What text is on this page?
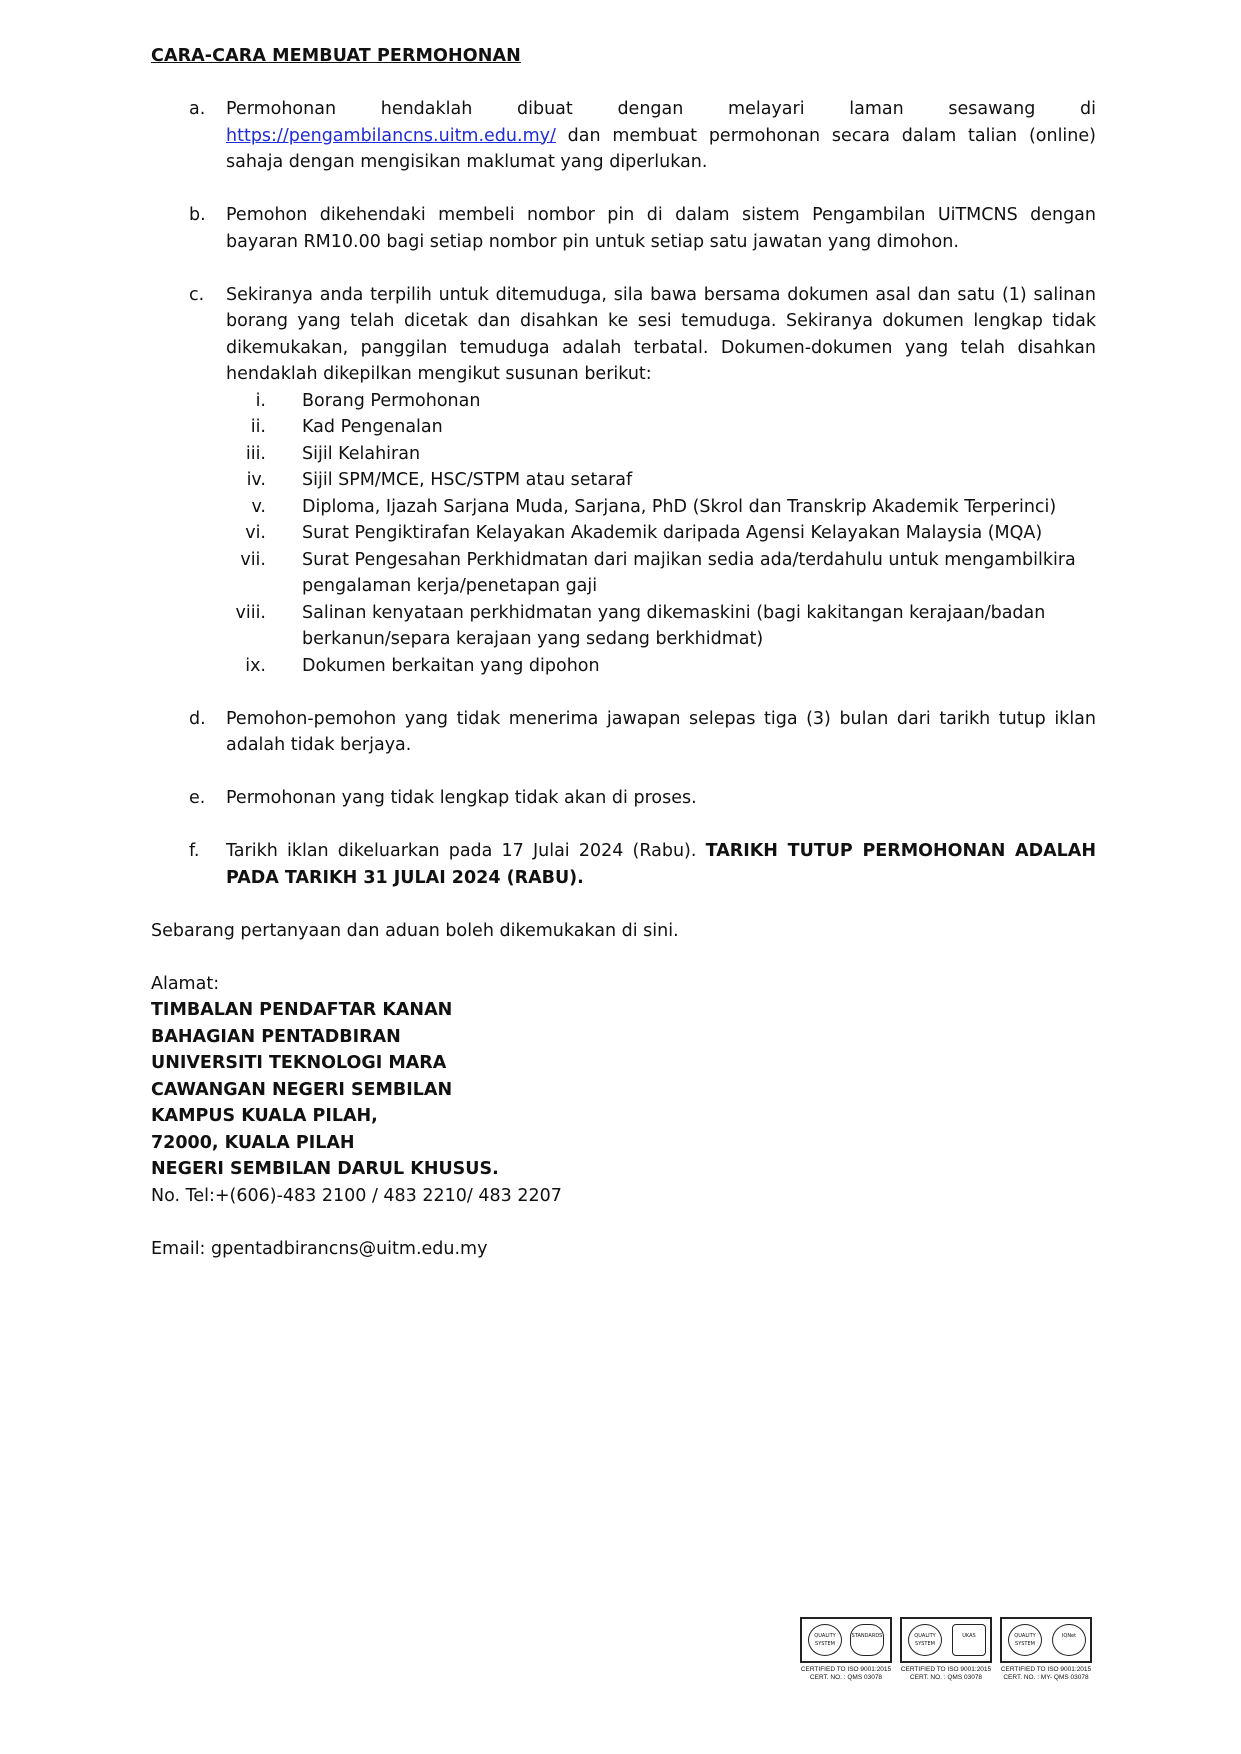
CARA-CARA MEMBUAT PERMOHONAN
a. Permohonan hendaklah dibuat dengan melayari laman sesawang di https://pengambilancns.uitm.edu.my/ dan membuat permohonan secara dalam talian (online) sahaja dengan mengisikan maklumat yang diperlukan.
b. Pemohon dikehendaki membeli nombor pin di dalam sistem Pengambilan UiTMCNS dengan bayaran RM10.00 bagi setiap nombor pin untuk setiap satu jawatan yang dimohon.
c. Sekiranya anda terpilih untuk ditemuduga, sila bawa bersama dokumen asal dan satu (1) salinan borang yang telah dicetak dan disahkan ke sesi temuduga. Sekiranya dokumen lengkap tidak dikemukakan, panggilan temuduga adalah terbatal. Dokumen-dokumen yang telah disahkan hendaklah dikepilkan mengikut susunan berikut:
i. Borang Permohonan
ii. Kad Pengenalan
iii. Sijil Kelahiran
iv. Sijil SPM/MCE, HSC/STPM atau setaraf
v. Diploma, Ijazah Sarjana Muda, Sarjana, PhD (Skrol dan Transkrip Akademik Terperinci)
vi. Surat Pengiktirafan Kelayakan Akademik daripada Agensi Kelayakan Malaysia (MQA)
vii. Surat Pengesahan Perkhidmatan dari majikan sedia ada/terdahulu untuk mengambilkira pengalaman kerja/penetapan gaji
viii. Salinan kenyataan perkhidmatan yang dikemaskini (bagi kakitangan kerajaan/badan berkanun/separa kerajaan yang sedang berkhidmat)
ix. Dokumen berkaitan yang dipohon
d. Pemohon-pemohon yang tidak menerima jawapan selepas tiga (3) bulan dari tarikh tutup iklan adalah tidak berjaya.
e. Permohonan yang tidak lengkap tidak akan di proses.
f. Tarikh iklan dikeluarkan pada 17 Julai 2024 (Rabu). TARIKH TUTUP PERMOHONAN ADALAH PADA TARIKH 31 JULAI 2024 (RABU).
Sebarang pertanyaan dan aduan boleh dikemukakan di sini.
Alamat:
TIMBALAN PENDAFTAR KANAN
BAHAGIAN PENTADBIRAN
UNIVERSITI TEKNOLOGI MARA
CAWANGAN NEGERI SEMBILAN
KAMPUS KUALA PILAH,
72000, KUALA PILAH
NEGERI SEMBILAN DARUL KHUSUS.
No. Tel:+(606)-483 2100 / 483 2210/ 483 2207
Email: gpentadbirancns@uitm.edu.my
QUALITY
SYSTEM
STANDARDS	QUALITY
SYSTEM
UKAS	QUALITY
SYSTEM
IQNet
CERTIFIED TO ISO 9001:2015
CERT. NO. : QMS 03078
CERTIFIED TO ISO 9001:2015
CERT. NO. : QMS 03078
CERTIFIED TO ISO 9001:2015
CERT. NO. : MY- QMS 03078
